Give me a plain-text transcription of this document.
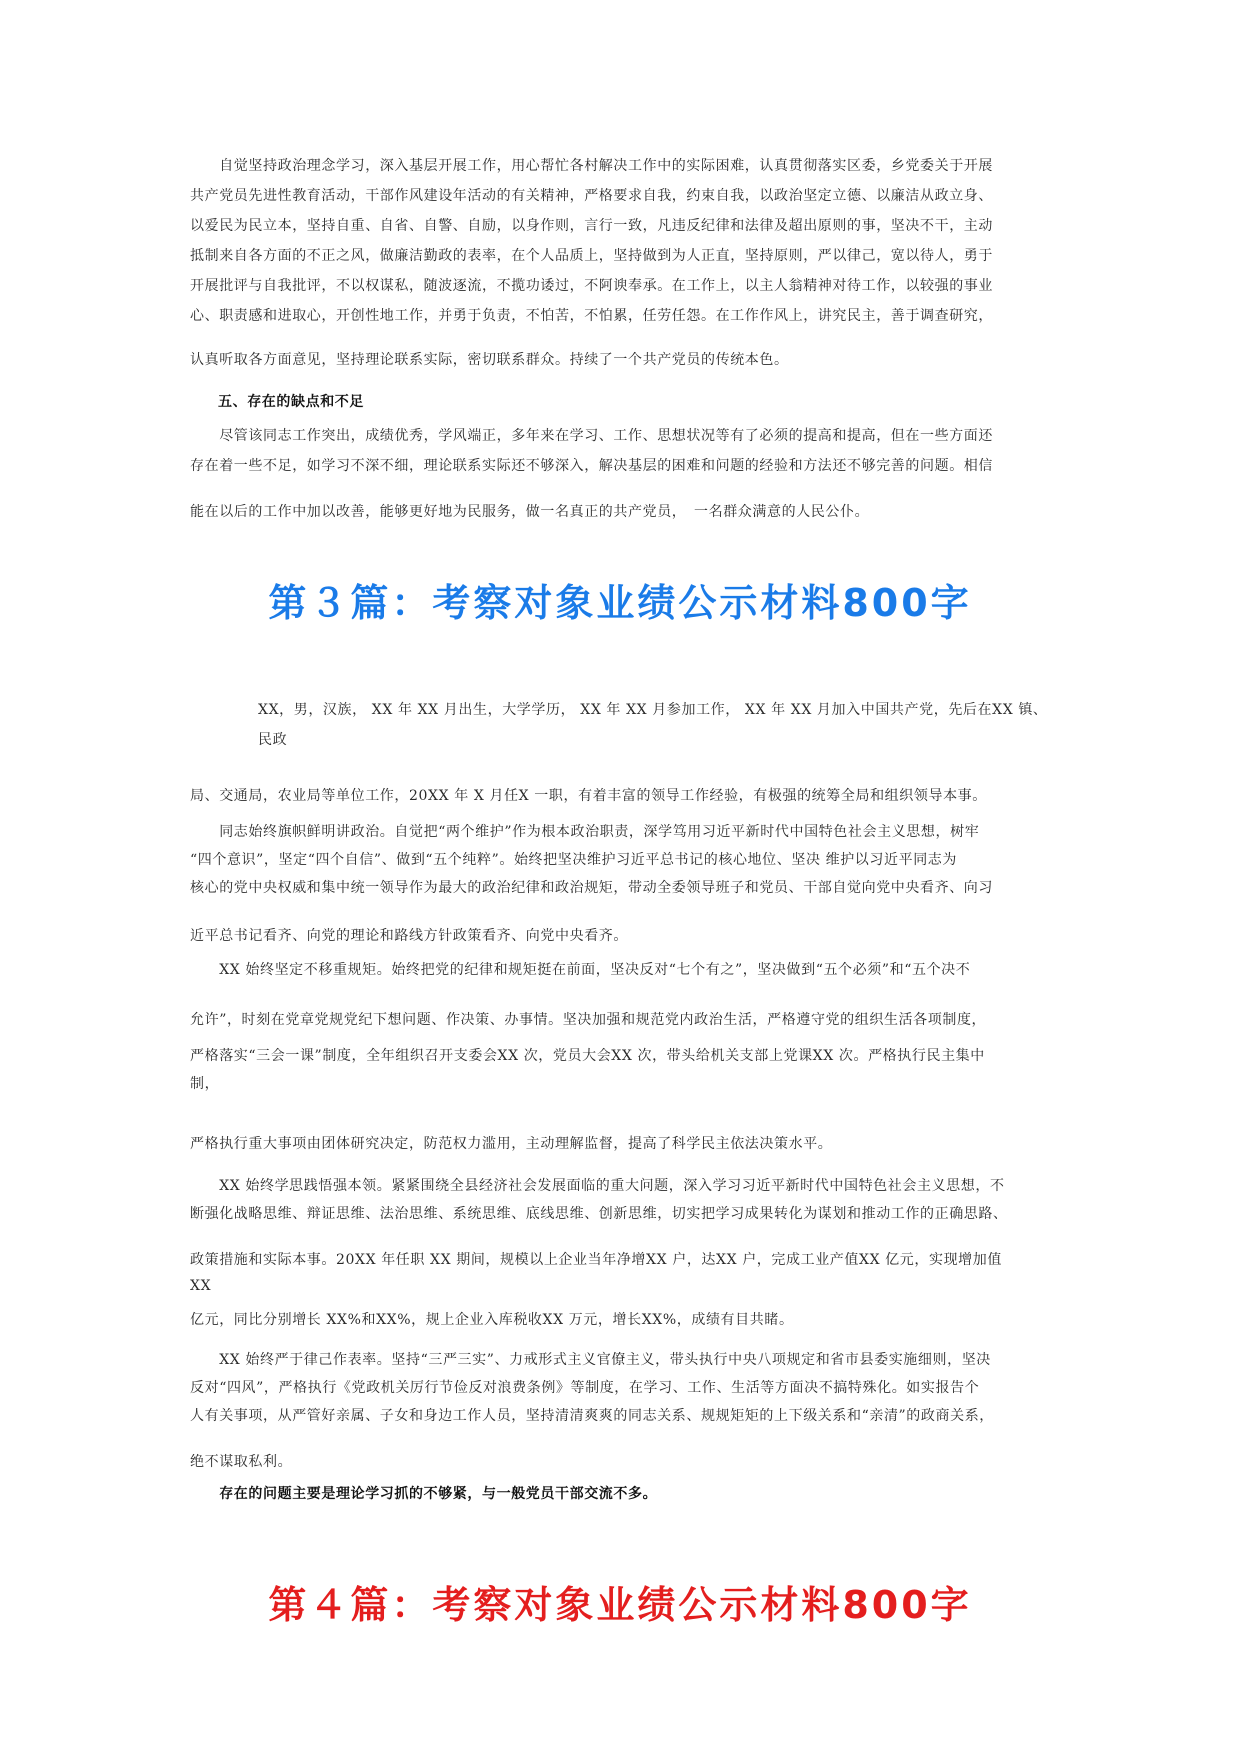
　　自觉坚持政治理念学习，深入基层开展工作，用心帮忙各村解决工作中的实际困难，认真贯彻落实区委，乡党委关于开展
共产党员先进性教育活动，干部作风建设年活动的有关精神，严格要求自我，约束自我，以政治坚定立德、以廉洁从政立身、
以爱民为民立本，坚持自重、自省、自警、自励，以身作则，言行一致，凡违反纪律和法律及超出原则的事，坚决不干，主动
抵制来自各方面的不正之风，做廉洁勤政的表率，在个人品质上，坚持做到为人正直，坚持原则，严以律己，宽以待人，勇于
开展批评与自我批评，不以权谋私，随波逐流，不揽功诿过，不阿谀奉承。在工作上，以主人翁精神对待工作，以较强的事业
心、职责感和进取心，开创性地工作，并勇于负责，不怕苦，不怕累，任劳任怨。在工作作风上，讲究民主，善于调查研究，
认真听取各方面意见，坚持理论联系实际，密切联系群众。持续了一个共产党员的传统本色。
五、存在的缺点和不足
　　尽管该同志工作突出，成绩优秀，学风端正，多年来在学习、工作、思想状况等有了必须的提高和提高，但在一些方面还
存在着一些不足，如学习不深不细，理论联系实际还不够深入，解决基层的困难和问题的经验和方法还不够完善的问题。相信
能在以后的工作中加以改善，能够更好地为民服务，做一名真正的共产党员，　一名群众满意的人民公仆。
第３篇：考察对象业绩公示材料800字
XX，男，汉族， XX 年 XX 月出生，大学学历， XX 年 XX 月参加工作， XX 年 XX 月加入中国共产党，先后在XX 镇、
民政
局、交通局，农业局等单位工作，20XX 年 X 月任X 一职，有着丰富的领导工作经验，有极强的统筹全局和组织领导本事。
　　同志始终旗帜鲜明讲政治。自觉把“两个维护”作为根本政治职责，深学笃用习近平新时代中国特色社会主义思想，树牢
“四个意识”，坚定“四个自信”、做到“五个纯粹”。始终把坚决维护习近平总书记的核心地位、坚决 维护以习近平同志为
核心的党中央权威和集中统一领导作为最大的政治纪律和政治规矩，带动全委领导班子和党员、干部自觉向党中央看齐、向习
近平总书记看齐、向党的理论和路线方针政策看齐、向党中央看齐。
　　XX 始终坚定不移重规矩。始终把党的纪律和规矩挺在前面，坚决反对“七个有之”，坚决做到“五个必须”和“五个决不
允许”，时刻在党章党规党纪下想问题、作决策、办事情。坚决加强和规范党内政治生活，严格遵守党的组织生活各项制度，
严格落实“三会一课”制度，全年组织召开支委会XX 次，党员大会XX 次，带头给机关支部上党课XX 次。严格执行民主集中
制，
严格执行重大事项由团体研究决定，防范权力滥用，主动理解监督，提高了科学民主依法决策水平。
　　XX 始终学思践悟强本领。紧紧围绕全县经济社会发展面临的重大问题，深入学习习近平新时代中国特色社会主义思想，不
断强化战略思维、辩证思维、法治思维、系统思维、底线思维、创新思维，切实把学习成果转化为谋划和推动工作的正确思路、
政策措施和实际本事。20XX 年任职 XX 期间，规模以上企业当年净增XX 户，达XX 户，完成工业产值XX 亿元，实现增加值
XX
亿元，同比分别增长 XX%和XX%，规上企业入库税收XX 万元，增长XX%，成绩有目共睹。
　　XX 始终严于律己作表率。坚持“三严三实”、力戒形式主义官僚主义，带头执行中央八项规定和省市县委实施细则，坚决
反对“四风”，严格执行《党政机关厉行节俭反对浪费条例》等制度，在学习、工作、生活等方面决不搞特殊化。如实报告个
人有关事项，从严管好亲属、子女和身边工作人员，坚持清清爽爽的同志关系、规规矩矩的上下级关系和“亲清”的政商关系，
绝不谋取私利。
　　存在的问题主要是理论学习抓的不够紧，与一般党员干部交流不多。
第４篇：考察对象业绩公示材料800字
